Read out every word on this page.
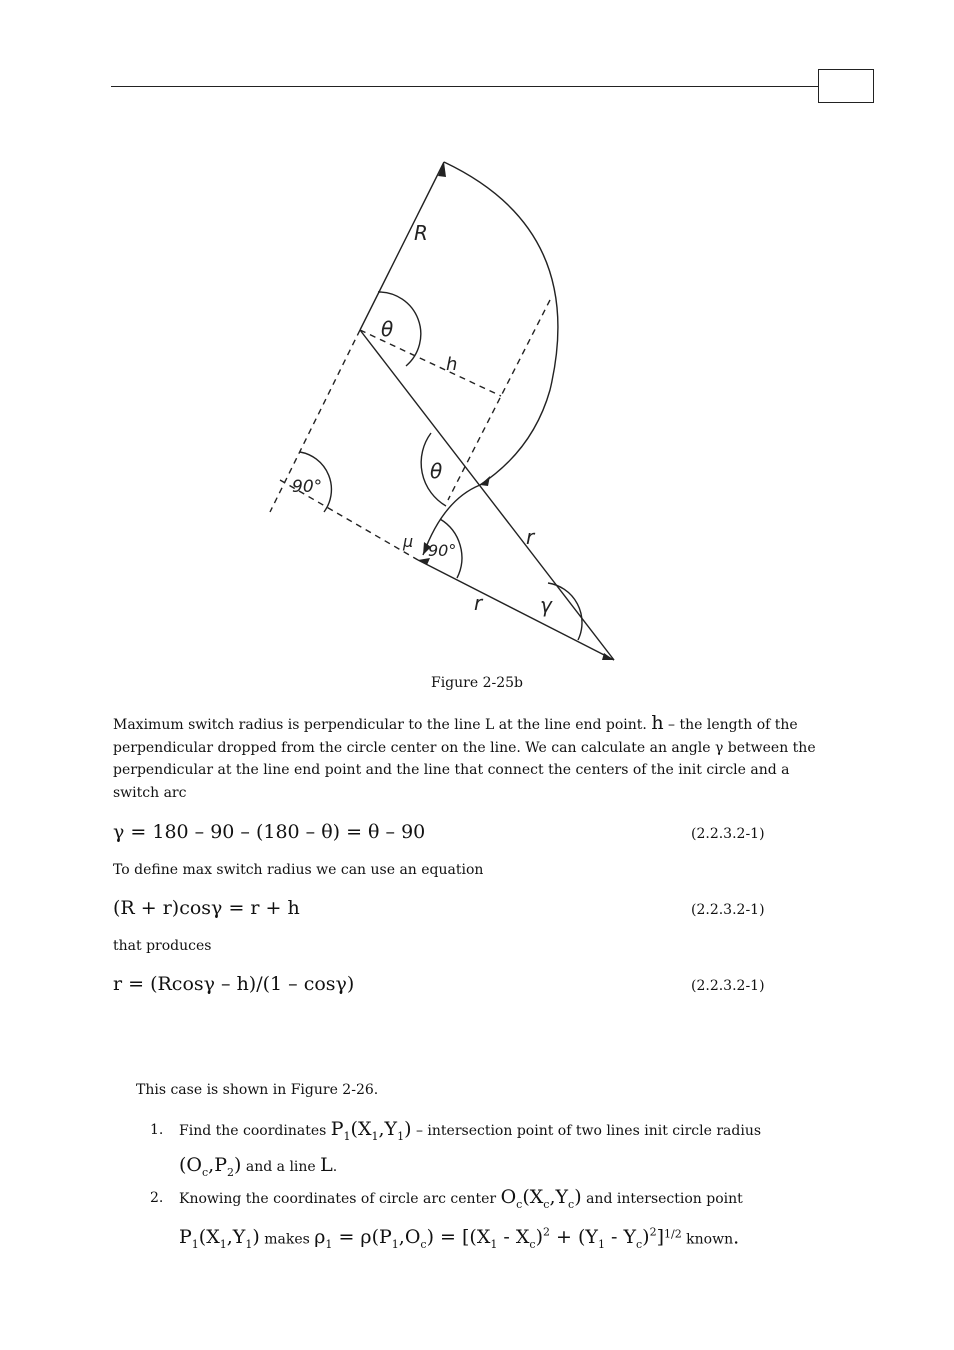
R
θ
h
θ
90°
μ 90°
r
r	γ
Figure 2-25b
Maximum switch radius is perpendicular to the line L at the line end point. h – the length of the perpendicular dropped from the circle center on the line. We can calculate an angle γ between the perpendicular at the line end point and the line that connect the centers of the init circle and a switch arc
γ = 180 – 90 – (180 – θ) = θ – 90	(2.2.3.2-1)
To define max switch radius we can use an equation
(R + r)cosγ = r + h	(2.2.3.2-1)
that produces
r = (Rcosγ – h)/(1 – cosγ)	(2.2.3.2-1)
This case is shown in Figure 2-26.
1. Find the coordinates $P_1(X_1,Y_1)$ – intersection point of two lines init circle radius $(O_c,P_2)$ and a line L.
2. Knowing the coordinates of circle arc center $O_c(X_c,Y_c)$ and intersection point $P_1(X_1,Y_1)$ makes $\rho_1 = \rho(P_1,O_c) = [(X_1 - X_c)^2 + (Y_1 - Y_c)^2]^{1/2}$ known.
